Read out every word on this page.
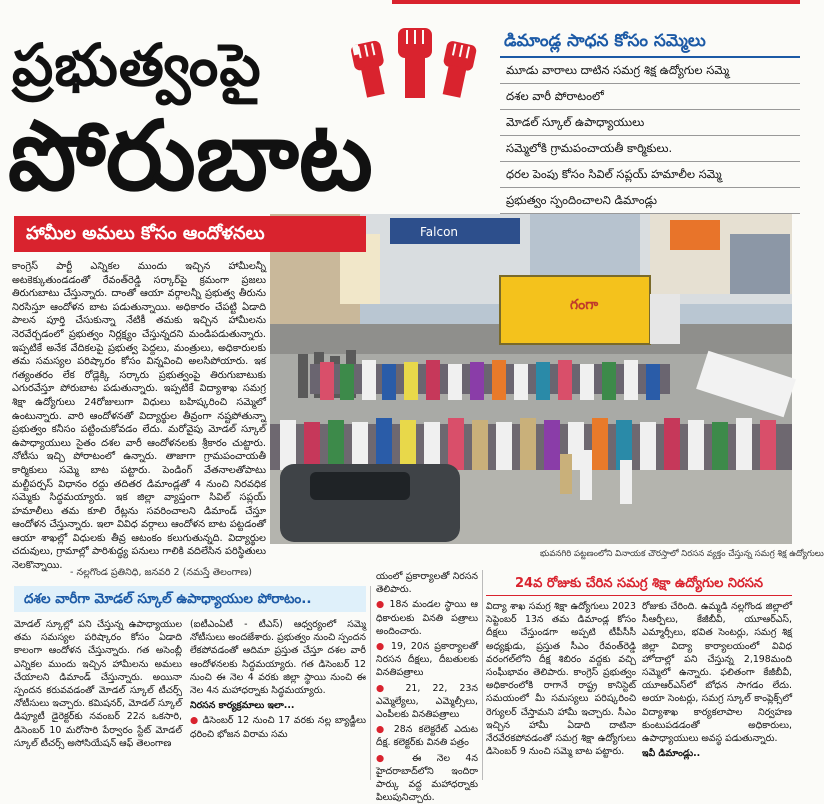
ప్రభుత్వంపై
పోరుబాట
డిమాండ్ల సాధన కోసం సమ్మెలు
మూడు వారాలు దాటిన సమగ్ర శిక్ష ఉద్యోగుల సమ్మె
దశల వారీ పోరాటంలో
మోడల్ స్కూల్ ఉపాధ్యాయులు
సమ్మెలోకి గ్రామపంచాయతీ కార్మికులు.
ధరల పెంపు కోసం సివిల్ సప్లయ్ హమాలీల సమ్మె
ప్రభుత్వం స్పందించాలని డిమాండ్లు
Falcon
గంగా
హామీల అమలు కోసం ఆందోళనలు
భువనగిరి పట్టణంలోని వినాయక చౌరస్తాలో నిరసన వ్యక్తం చేస్తున్న సమగ్ర శిక్ష ఉద్యోగులు
కాంగ్రెస్ పార్టీ ఎన్నికల ముందు ఇచ్చిన హామీలన్నీ అటకెక్కుతుండడంతో రేవంత్‌రెడ్డి సర్కార్‌పై క్రమంగా ప్రజలు తిరుగుబాటు చేస్తున్నారు. దాంతో ఆయా వర్గాలన్నీ ప్రభుత్వ తీరును నిరసిస్తూ ఆందోళన బాట పడుతున్నాయి. అధికారం చేపట్టి ఏడాది పాలన పూర్తి చేసుకున్నా నేటికీ తమకు ఇచ్చిన హామీలను నెరవేర్చడంలో ప్రభుత్వం నిర్లక్ష్యం చేస్తున్నదని మండిపడుతున్నారు. ఇప్పటికే అనేక వేదికలపై ప్రభుత్వ పెద్దలు, మంత్రులు, అధికారులకు తమ సమస్యల పరిష్కారం కోసం విన్నవించి అలసిపోయారు. ఇక గత్యంతరం లేక రోడ్లెక్కి సర్కారు ప్రభుత్వంపై తిరుగుబాటుకు ఎగురవేస్తూ పోరుబాట పడుతున్నారు. ఇప్పటికే విద్యాశాఖ సమగ్ర శిక్షా ఉద్యోగులు 24రోజులుగా విధులు బహిష్కరించి సమ్మెలో ఉంటున్నారు. వారి ఆందోళనతో విద్యార్థుల తీవ్రంగా నష్టపోతున్నా ప్రభుత్వం కనీసం పట్టించుకోవడం లేదు. మరోవైపు మోడల్ స్కూల్ ఉపాధ్యాయులు సైతం దశల వారీ ఆందోళనలకు శ్రీకారం చుట్టారు. నోటీసు ఇచ్చి పోరాటంలో ఉన్నారు. తాజాగా గ్రామపంచాయతీ కార్మికులు సమ్మె బాట పట్టారు. పెండింగ్ వేతనాలతోపాటు మల్టీపర్పస్ విధానం రద్దు తదితర డిమాండ్లతో 4 నుంచి నిరవధిక సమ్మెకు సిద్ధమయ్యారు. ఇక జిల్లా వ్యాప్తంగా సివిల్ సప్లయ్ హమాలీలు తమ కూలి రేట్లను సవరించాలని డిమాండ్ చేస్తూ ఆందోళన చేస్తున్నారు. ఇలా వివిధ వర్గాలు ఆందోళన బాట పట్టడంతో ఆయా శాఖల్లో విధులకు తీవ్ర ఆటంకం కలుగుతున్నది. విద్యార్థుల చదువులు, గ్రామాల్లో పారిశుద్ధ్య పనులు గాలికి వదిలేసిన పరిస్థితులు నెలకొన్నాయి.
- నల్లగొండ ప్రతినిధి, జనవరి 2 (నమస్తే తెలంగాణ)
దశల వారీగా మోడల్ స్కూల్ ఉపాధ్యాయుల పోరాటం..
మోడల్ స్కూల్లో పని చేస్తున్న ఉపాధ్యాయుల తమ సమస్యల పరిష్కారం కోసం ఏడాది కాలంగా ఆందోళన చేస్తున్నారు. గత అసెంబ్లీ ఎన్నికల ముందు ఇచ్చిన హామీలను అమలు చేయాలని డిమాండ్ చేస్తున్నారు. అయినా స్పందన కరువవడంతో మోడల్ స్కూల్ టీచర్స్ నోటీసులు ఇచ్చారు. కమిషనర్, మోడల్ స్కూల్ డిప్యూటీ డైరెక్టర్‌కు నవంబర్ 22న ఒకసారి, డిసెంబర్ 10 మరోసారి పేర్వారం స్టేట్ మోడల్ స్కూల్ టీచర్స్ అసోసియేషన్ ఆఫ్ తెలంగాణ

(ఐటీఎంఏటీ - టీఎస్) ఆధ్వర్యంలో సమ్మె నోటీసులు అందజేశారు. ప్రభుత్వం నుంచి స్పందన లేకపోవడంతో ఆదిమా ప్రస్తుత చేస్తూ దశల వారీ ఆందోళనలకు సిద్ధమయ్యారు. గత డిసెంబర్ 12 నుంచి ఈ నెల 4 వరకు జిల్లా స్థాయి నుంచి ఈ నెల 4న మహాధర్నాకు సిద్ధమయ్యారు.

నిరసన కార్యక్రమాలు ఇలా...

● డిసెంబర్ 12 నుంచి 17 వరకు నల్ల బ్యాడ్జీలు ధరించి భోజన విరామ సమ

యంలో ప్రకార్యాలతో నిరసన తెలిపారు.

● 18న మండల స్థాయి ఆ ధికారులకు వినతి పత్రాలు అందించారు.

● 19, 20న ప్రకార్యాలతో నిరసన దీక్షలు, దీబతులకు వినతిపత్రాలు

● 21, 22, 23న ఎమ్మెల్యేలు, ఎమ్మెల్సీలు, ఎంపీలకు వినతిపత్రాలు

● 28న కలెక్టరేట్ ఎదుట దీక్ష. కలెక్టర్‌కు వినతి పత్రం

● ఈ నెల 4న హైదరాబాద్‌లోని ఇందిరా పార్కు వద్ద మహాధర్నాకు పిలుపునిచ్చారు.

24వ రోజుకు చేరిన సమగ్ర శిక్షా ఉద్యోగుల నిరసన
విద్యా శాఖ సమగ్ర శిక్షా ఉద్యోగులు 2023 సెప్టెంబర్ 13న తమ డిమాండ్ల కోసం దీక్షలు చేస్తుండగా అప్పటి టీపీసీసీ అధ్యక్షుడు, ప్రస్తుత సీఎం రేవంత్‌రెడ్డి వరంగల్‌లోని దీక్ష శిబిరం వద్దకు వచ్చి సంఘీభావం తెలిపారు. కాంగ్రెస్ ప్రభుత్వం అధికారంలోకి రాగానే రాష్ట్ర కానిస్టెట్ సమయంలో మీ సమస్యలు పరిష్కరించి రెగ్యులర్ చేస్తామని హామీ ఇచ్చారు. సీఎం ఇచ్చిన హామీ ఏడాది దాటినా నేరవేరకపోవడంతో సమగ్ర శిక్షా ఉద్యోగులు డిసెంబర్ 9 నుంచి సమ్మె బాట పట్టారు.

రోజుకు చేరింది. ఉమ్మడి నల్లగొండ జిల్లాలో సీఆర్పీలు, కేజీబీవీ, యూఆర్ఎస్, ఎమ్మార్సీలు, భవిత సెంటర్లు, సమగ్ర శిక్ష జిల్లా విద్యా కార్యాలయంలో వివిధ హోదాల్లో పని చేస్తున్న 2,198మంది సమ్మెలో ఉన్నారు. ఫలితంగా కేజీబీవీ, యూఆర్ఎస్‌లో బోధన సాగడం లేదు. అయా సెంటర్లు, సమగ్ర స్కూల్ కాంప్లెక్స్‌లో విద్యాశాఖ కార్యకలాపాల నిర్వహణ కుంటుపడడంతో అధికారులు, ఉపాధ్యాయులు అవస్థ పడుతున్నారు.

ఇవీ డిమాండ్లు..
